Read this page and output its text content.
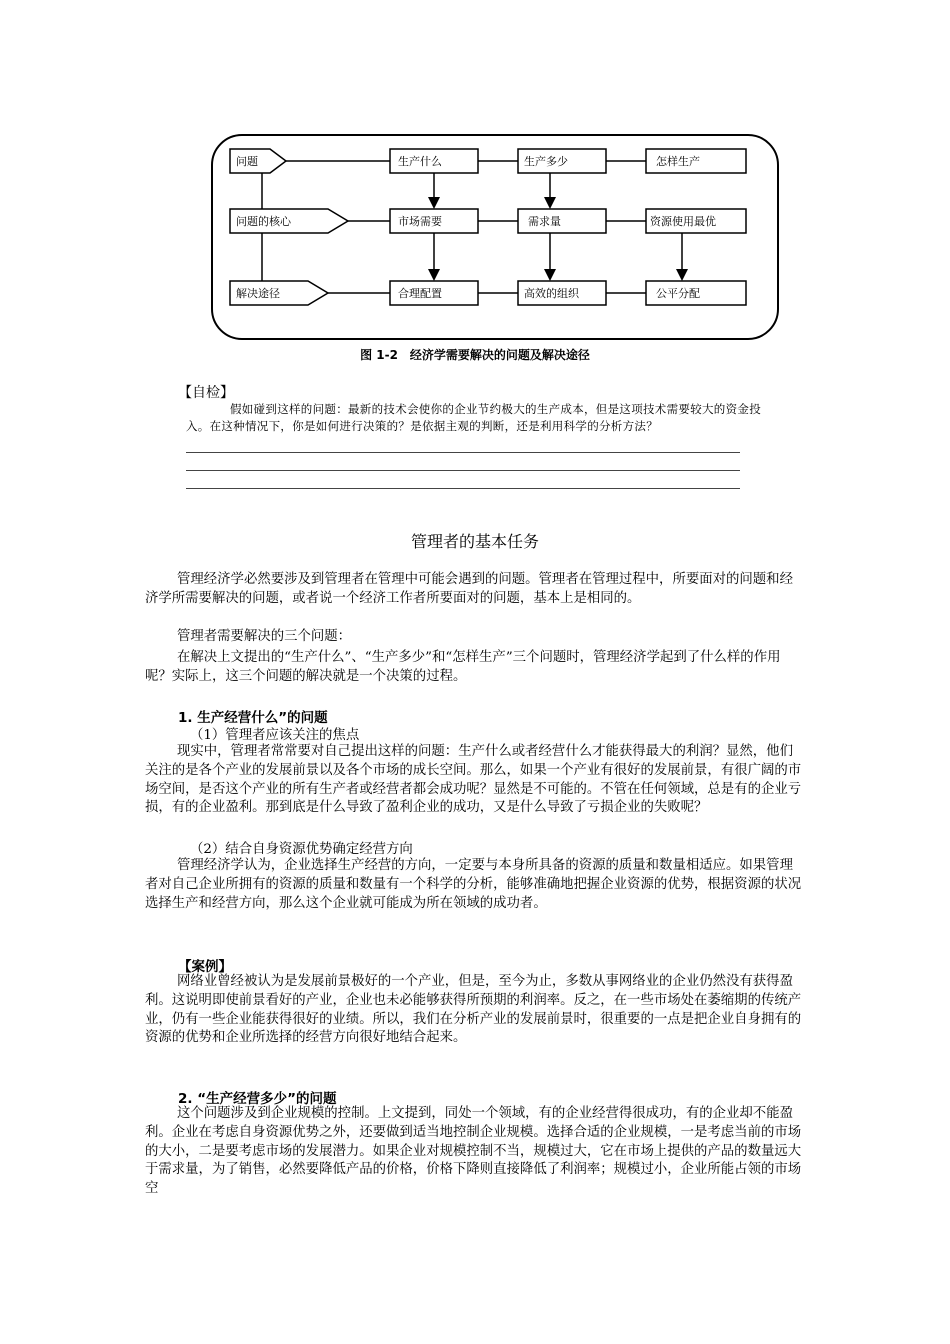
问题
问题的核心
解决途径
生产什么	生产多少	怎样生产
市场需要	需求量	资源使用最优
合理配置	高效的组织	公平分配
图 1-2　经济学需要解决的问题及解决途径
【自检】
假如碰到这样的问题：最新的技术会使你的企业节约极大的生产成本，但是这项技术需要较大的资金投入。在这种情况下，你是如何进行决策的？是依据主观的判断，还是利用科学的分析方法？
管理者的基本任务
管理经济学必然要涉及到管理者在管理中可能会遇到的问题。管理者在管理过程中，所要面对的问题和经济学所需要解决的问题，或者说一个经济工作者所要面对的问题，基本上是相同的。
管理者需要解决的三个问题：
在解决上文提出的“生产什么”、“生产多少”和“怎样生产”三个问题时，管理经济学起到了什么样的作用呢？实际上，这三个问题的解决就是一个决策的过程。
1. 生产经营什么”的问题
（1）管理者应该关注的焦点
现实中，管理者常常要对自己提出这样的问题：生产什么或者经营什么才能获得最大的利润？显然，他们关注的是各个产业的发展前景以及各个市场的成长空间。那么，如果一个产业有很好的发展前景，有很广阔的市场空间，是否这个产业的所有生产者或经营者都会成功呢？显然是不可能的。不管在任何领域，总是有的企业亏损，有的企业盈利。那到底是什么导致了盈利企业的成功，又是什么导致了亏损企业的失败呢？
（2）结合自身资源优势确定经营方向
管理经济学认为，企业选择生产经营的方向，一定要与本身所具备的资源的质量和数量相适应。如果管理者对自己企业所拥有的资源的质量和数量有一个科学的分析，能够准确地把握企业资源的优势，根据资源的状况选择生产和经营方向，那么这个企业就可能成为所在领域的成功者。
【案例】
网络业曾经被认为是发展前景极好的一个产业，但是，至今为止，多数从事网络业的企业仍然没有获得盈利。这说明即使前景看好的产业，企业也未必能够获得所预期的利润率。反之，在一些市场处在萎缩期的传统产业，仍有一些企业能获得很好的业绩。所以，我们在分析产业的发展前景时，很重要的一点是把企业自身拥有的资源的优势和企业所选择的经营方向很好地结合起来。
2. “生产经营多少”的问题
这个问题涉及到企业规模的控制。上文提到，同处一个领域，有的企业经营得很成功，有的企业却不能盈利。企业在考虑自身资源优势之外，还要做到适当地控制企业规模。选择合适的企业规模，一是考虑当前的市场的大小，二是要考虑市场的发展潜力。如果企业对规模控制不当，规模过大，它在市场上提供的产品的数量远大于需求量，为了销售，必然要降低产品的价格，价格下降则直接降低了利润率；规模过小，企业所能占领的市场空
